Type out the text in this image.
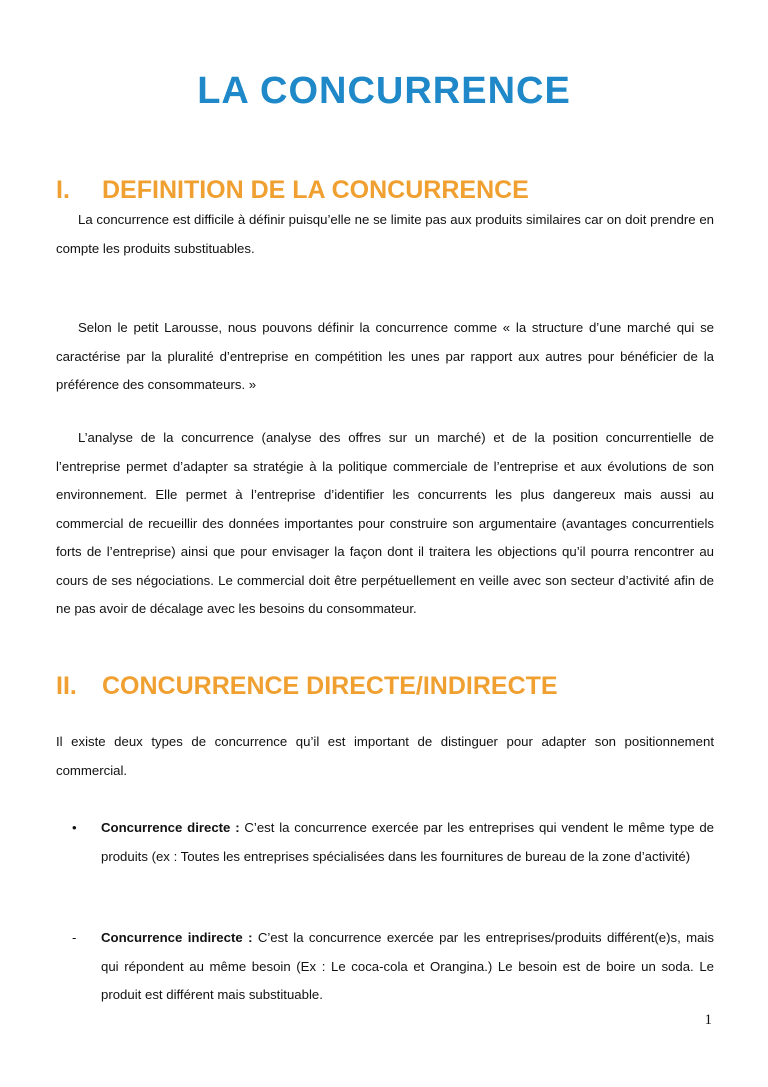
LA CONCURRENCE
I. DEFINITION DE LA CONCURRENCE
La concurrence est difficile à définir puisqu’elle ne se limite pas aux produits similaires car on doit prendre en compte les produits substituables.
Selon le petit Larousse, nous pouvons définir la concurrence comme « la structure d’une marché qui se caractérise par la pluralité d’entreprise en compétition les unes par rapport aux autres pour bénéficier de la préférence des consommateurs. »
L’analyse de la concurrence (analyse des offres sur un marché) et de la position concurrentielle de l’entreprise permet d’adapter sa stratégie à la politique commerciale de l’entreprise et aux évolutions de son environnement. Elle permet à l’entreprise d’identifier les concurrents les plus dangereux mais aussi au commercial de recueillir des données importantes pour construire son argumentaire (avantages concurrentiels forts de l’entreprise) ainsi que pour envisager la façon dont il traitera les objections qu’il pourra rencontrer au cours de ses négociations. Le commercial doit être perpétuellement en veille avec son secteur d’activité afin de ne pas avoir de décalage avec les besoins du consommateur.
II. CONCURRENCE DIRECTE/INDIRECTE
Il existe deux types de concurrence qu’il est important de distinguer pour adapter son positionnement commercial.
• Concurrence directe : C’est la concurrence exercée par les entreprises qui vendent le même type de produits (ex : Toutes les entreprises spécialisées dans les fournitures de bureau de la zone d’activité)
- Concurrence indirecte : C’est la concurrence exercée par les entreprises/produits différent(e)s, mais qui répondent au même besoin (Ex : Le coca-cola et Orangina.) Le besoin est de boire un soda. Le produit est différent mais substituable.
1
